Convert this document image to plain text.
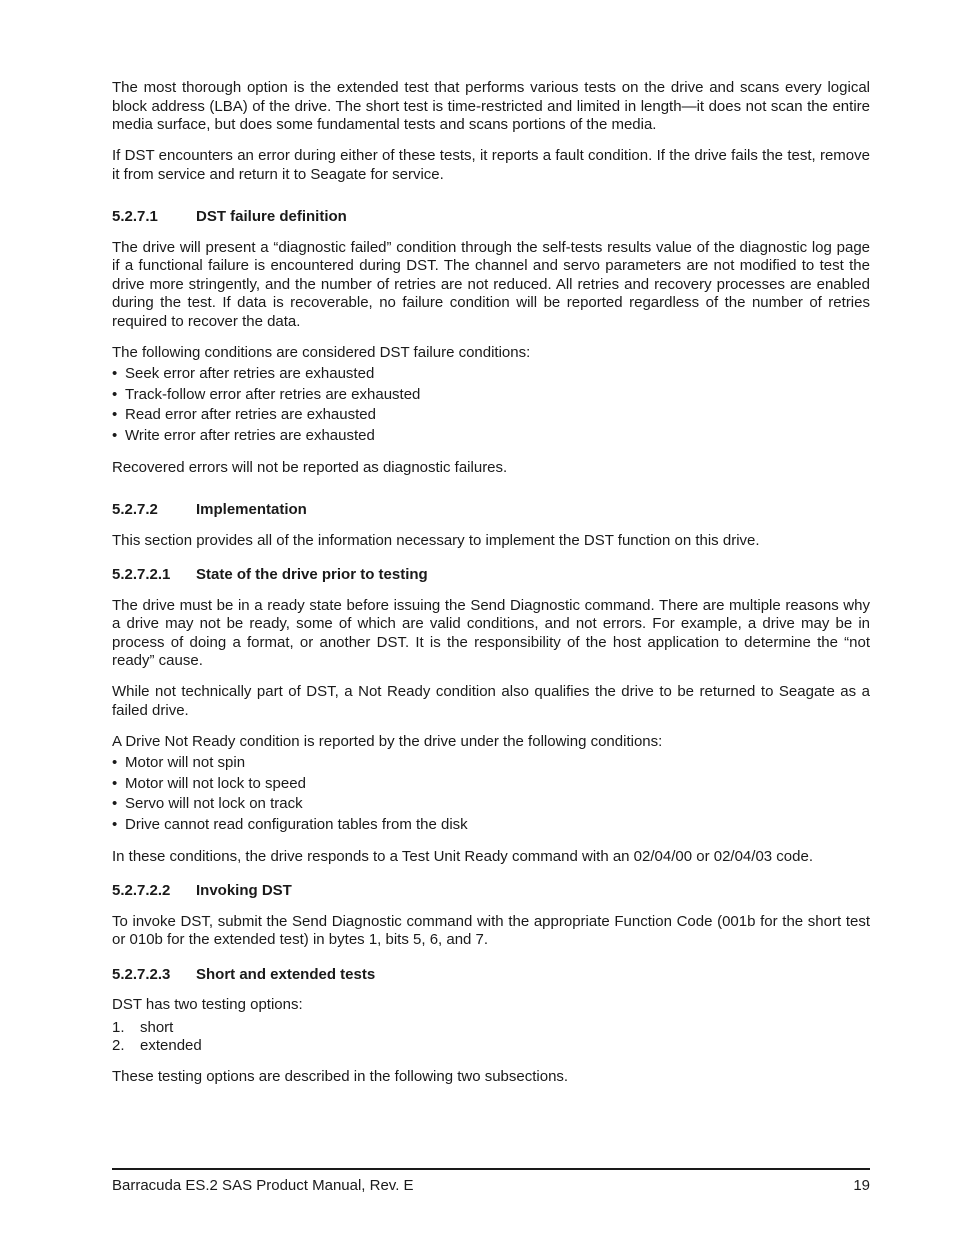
The most thorough option is the extended test that performs various tests on the drive and scans every logical block address (LBA) of the drive. The short test is time-restricted and limited in length—it does not scan the entire media surface, but does some fundamental tests and scans portions of the media.

If DST encounters an error during either of these tests, it reports a fault condition. If the drive fails the test, remove it from service and return it to Seagate for service.

5.2.7.1	DST failure definition

The drive will present a “diagnostic failed” condition through the self-tests results value of the diagnostic log page if a functional failure is encountered during DST. The channel and servo parameters are not modified to test the drive more stringently, and the number of retries are not reduced. All retries and recovery processes are enabled during the test. If data is recoverable, no failure condition will be reported regardless of the number of retries required to recover the data.

The following conditions are considered DST failure conditions:

• Seek error after retries are exhausted
• Track-follow error after retries are exhausted
• Read error after retries are exhausted
• Write error after retries are exhausted

Recovered errors will not be reported as diagnostic failures.

5.2.7.2	Implementation

This section provides all of the information necessary to implement the DST function on this drive.

5.2.7.2.1	State of the drive prior to testing

The drive must be in a ready state before issuing the Send Diagnostic command. There are multiple reasons why a drive may not be ready, some of which are valid conditions, and not errors. For example, a drive may be in process of doing a format, or another DST. It is the responsibility of the host application to determine the “not ready” cause.

While not technically part of DST, a Not Ready condition also qualifies the drive to be returned to Seagate as a failed drive.

A Drive Not Ready condition is reported by the drive under the following conditions:

• Motor will not spin
• Motor will not lock to speed
• Servo will not lock on track
• Drive cannot read configuration tables from the disk

In these conditions, the drive responds to a Test Unit Ready command with an 02/04/00 or 02/04/03 code.

5.2.7.2.2	Invoking DST

To invoke DST, submit the Send Diagnostic command with the appropriate Function Code (001b for the short test or 010b for the extended test) in bytes 1, bits 5, 6, and 7.

5.2.7.2.3	Short and extended tests

DST has two testing options:

1.	short
2.	extended

These testing options are described in the following two subsections.

Barracuda ES.2 SAS Product Manual, Rev. E	19
